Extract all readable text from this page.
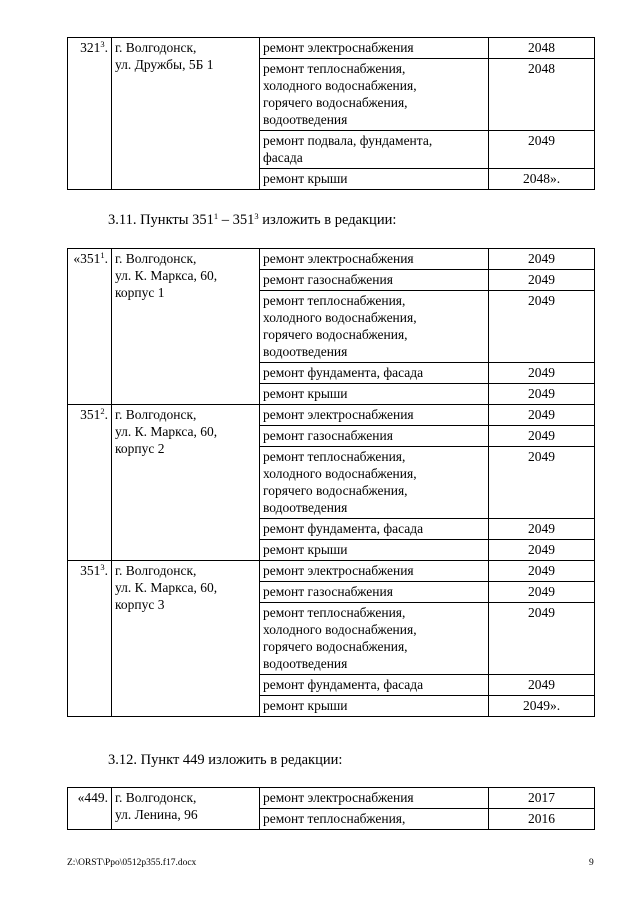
$321^3$.	г. Волгодонск,
ул. Дружбы, 5Б 1	ремонт электроснабжения	2048

		ремонт теплоснабжения,
холодного водоснабжения,
горячего водоснабжения,
водоотведения	2048

		ремонт подвала, фундамента,
фасада	2049

		ремонт крыши	2048».
3.11. Пункты $351^1 - 351^3$ изложить в редакции:
«$351^1$.	г. Волгодонск,
ул. К. Маркса, 60,
корпус 1	ремонт электроснабжения	2049

		ремонт газоснабжения	2049

		ремонт теплоснабжения,
холодного водоснабжения,
горячего водоснабжения,
водоотведения	2049

		ремонт фундамента, фасада	2049

		ремонт крыши	2049
$351^2$.	г. Волгодонск,
ул. К. Маркса, 60,
корпус 2	ремонт электроснабжения	2049

		ремонт газоснабжения	2049

		ремонт теплоснабжения,
холодного водоснабжения,
горячего водоснабжения,
водоотведения	2049

		ремонт фундамента, фасада	2049

		ремонт крыши	2049
$351^3$.	г. Волгодонск,
ул. К. Маркса, 60,
корпус 3	ремонт электроснабжения	2049

		ремонт газоснабжения	2049

		ремонт теплоснабжения,
холодного водоснабжения,
горячего водоснабжения,
водоотведения	2049

		ремонт фундамента, фасада	2049

		ремонт крыши	2049».
3.12. Пункт 449 изложить в редакции:
«449.	г. Волгодонск,
ул. Ленина, 96	ремонт электроснабжения	2017

		ремонт теплоснабжения,	2016
Z:\ORST\Ppo\0512p355.f17.docx	9
